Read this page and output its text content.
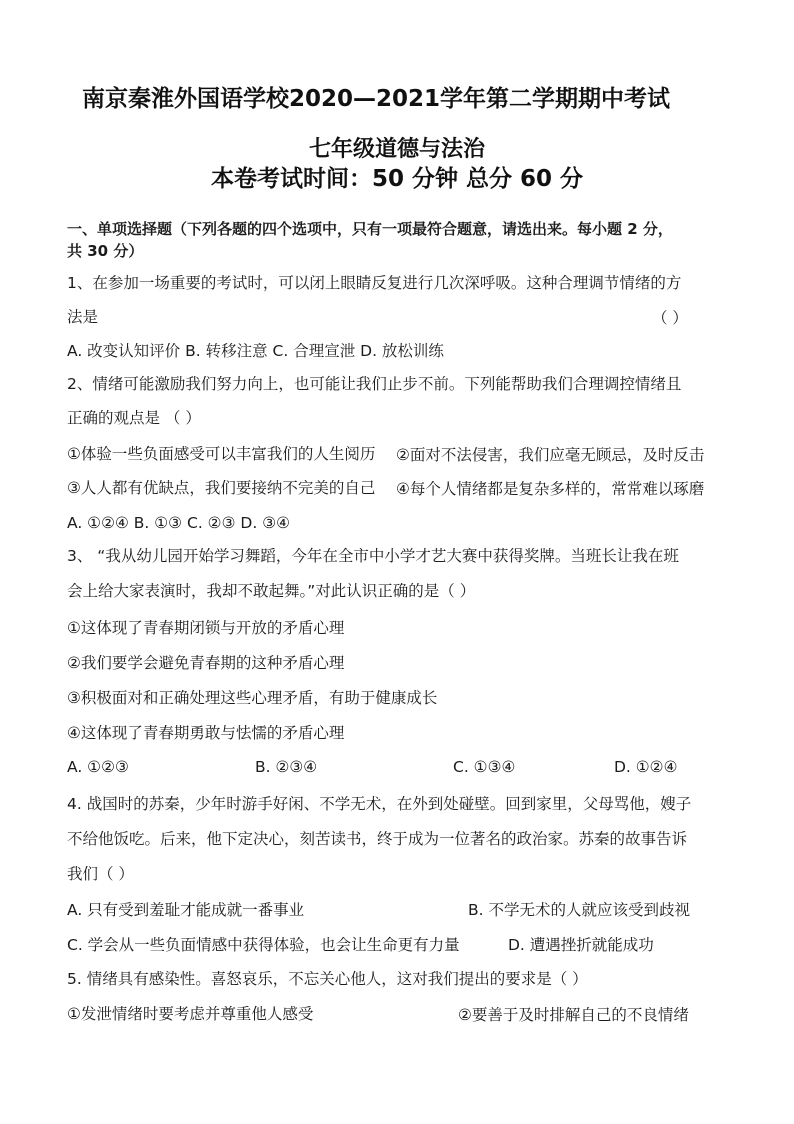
南京秦淮外国语学校2020—2021学年第二学期期中考试
七年级道德与法治
本卷考试时间：50 分钟 总分 60 分
一、单项选择题（下列各题的四个选项中，只有一项最符合题意，请选出来。每小题 2 分，
共 30 分）
1、在参加一场重要的考试时，可以闭上眼睛反复进行几次深呼吸。这种合理调节情绪的方
法是	（ ）
A. 改变认知评价 B. 转移注意 C. 合理宣泄 D. 放松训练
2、情绪可能激励我们努力向上，也可能让我们止步不前。下列能帮助我们合理调控情绪且
正确的观点是 （ ）
①体验一些负面感受可以丰富我们的人生阅历 ②面对不法侵害，我们应毫无顾忌，及时反击
③人人都有优缺点，我们要接纳不完美的自己 ④每个人情绪都是复杂多样的，常常难以琢磨
A. ①②④ B. ①③ C. ②③ D. ③④
3、 “我从幼儿园开始学习舞蹈，今年在全市中小学才艺大赛中获得奖牌。当班长让我在班
会上给大家表演时，我却不敢起舞。”对此认识正确的是（ ）
①这体现了青春期闭锁与开放的矛盾心理
②我们要学会避免青春期的这种矛盾心理
③积极面对和正确处理这些心理矛盾，有助于健康成长
④这体现了青春期勇敢与怯懦的矛盾心理
A. ①②③	B. ②③④	C. ①③④	D. ①②④
4. 战国时的苏秦，少年时游手好闲、不学无术，在外到处碰壁。回到家里，父母骂他，嫂子
不给他饭吃。后来，他下定决心，刻苦读书，终于成为一位著名的政治家。苏秦的故事告诉
我们（ ）
A. 只有受到羞耻才能成就一番事业	B. 不学无术的人就应该受到歧视
C. 学会从一些负面情感中获得体验，也会让生命更有力量	D. 遭遇挫折就能成功
5. 情绪具有感染性。喜怒哀乐，不忘关心他人，这对我们提出的要求是（ ）
①发泄情绪时要考虑并尊重他人感受	②要善于及时排解自己的不良情绪
